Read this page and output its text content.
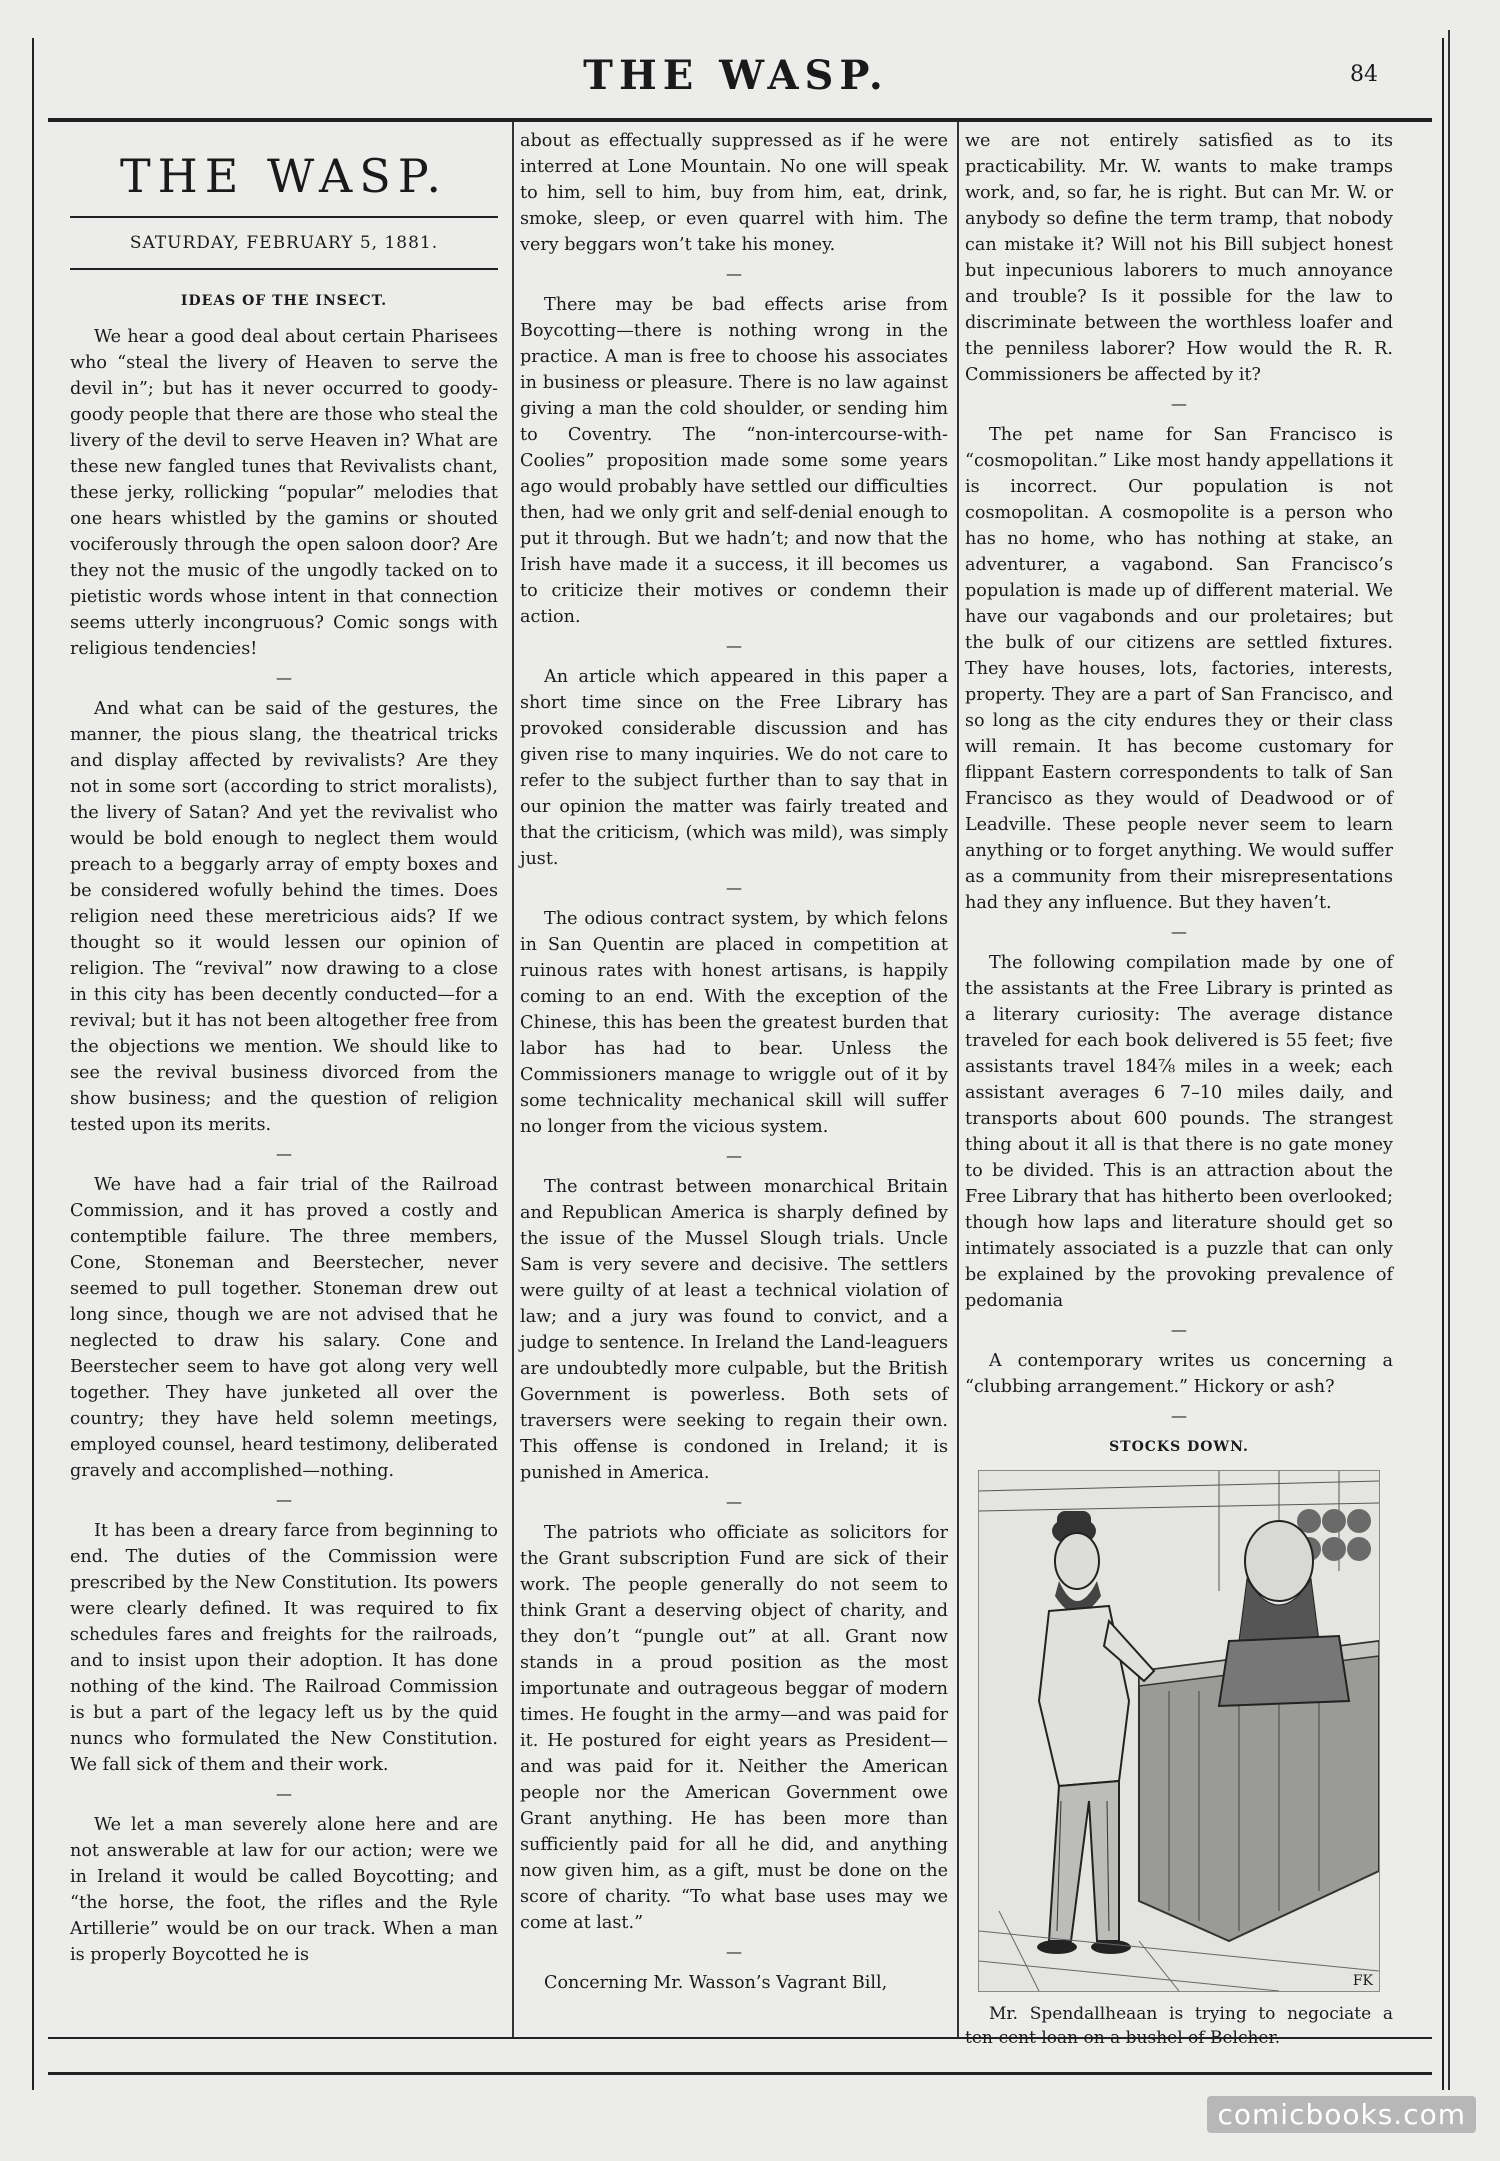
THE WASP.	84
THE WASP.
SATURDAY, FEBRUARY 5, 1881.
IDEAS OF THE INSECT.

We hear a good deal about certain Pharisees who “steal the livery of Heaven to serve the devil in”; but has it never occurred to goody-goody people that there are those who steal the livery of the devil to serve Heaven in? What are these new fangled tunes that Revivalists chant, these jerky, rollicking “popular” melodies that one hears whistled by the gamins or shouted vociferously through the open saloon door? Are they not the music of the ungodly tacked on to pietistic words whose intent in that connection seems utterly incongruous? Comic songs with religious tendencies!

—

And what can be said of the gestures, the manner, the pious slang, the theatrical tricks and display affected by revivalists? Are they not in some sort (according to strict moralists), the livery of Satan? And yet the revivalist who would be bold enough to neglect them would preach to a beggarly array of empty boxes and be considered wofully behind the times. Does religion need these meretricious aids? If we thought so it would lessen our opinion of religion. The “revival” now drawing to a close in this city has been decently conducted—for a revival; but it has not been altogether free from the objections we mention. We should like to see the revival business divorced from the show business; and the question of religion tested upon its merits.

—

We have had a fair trial of the Railroad Commission, and it has proved a costly and contemptible failure. The three members, Cone, Stoneman and Beerstecher, never seemed to pull together. Stoneman drew out long since, though we are not advised that he neglected to draw his salary. Cone and Beerstecher seem to have got along very well together. They have junketed all over the country; they have held solemn meetings, employed counsel, heard testimony, deliberated gravely and accomplished—nothing.

—

It has been a dreary farce from beginning to end. The duties of the Commission were prescribed by the New Constitution. Its powers were clearly defined. It was required to fix schedules fares and freights for the railroads, and to insist upon their adoption. It has done nothing of the kind. The Railroad Commission is but a part of the legacy left us by the quid nuncs who formulated the New Constitution. We fall sick of them and their work.

—

We let a man severely alone here and are not answerable at law for our action; were we in Ireland it would be called Boycotting; and “the horse, the foot, the rifles and the Ryle Artillerie” would be on our track. When a man is properly Boycotted he is

about as effectually suppressed as if he were interred at Lone Mountain. No one will speak to him, sell to him, buy from him, eat, drink, smoke, sleep, or even quarrel with him. The very beggars won’t take his money.

—

There may be bad effects arise from Boycotting—there is nothing wrong in the practice. A man is free to choose his associates in business or pleasure. There is no law against giving a man the cold shoulder, or sending him to Coventry. The “non-intercourse-with-Coolies” proposition made some some years ago would probably have settled our difficulties then, had we only grit and self-denial enough to put it through. But we hadn’t; and now that the Irish have made it a success, it ill becomes us to criticize their motives or condemn their action.

—

An article which appeared in this paper a short time since on the Free Library has provoked considerable discussion and has given rise to many inquiries. We do not care to refer to the subject further than to say that in our opinion the matter was fairly treated and that the criticism, (which was mild), was simply just.

—

The odious contract system, by which felons in San Quentin are placed in competition at ruinous rates with honest artisans, is happily coming to an end. With the exception of the Chinese, this has been the greatest burden that labor has had to bear. Unless the Commissioners manage to wriggle out of it by some technicality mechanical skill will suffer no longer from the vicious system.

—

The contrast between monarchical Britain and Republican America is sharply defined by the issue of the Mussel Slough trials. Uncle Sam is very severe and decisive. The settlers were guilty of at least a technical violation of law; and a jury was found to convict, and a judge to sentence. In Ireland the Land-leaguers are undoubtedly more culpable, but the British Government is powerless. Both sets of traversers were seeking to regain their own. This offense is condoned in Ireland; it is punished in America.

—

The patriots who officiate as solicitors for the Grant subscription Fund are sick of their work. The people generally do not seem to think Grant a deserving object of charity, and they don’t “pungle out” at all. Grant now stands in a proud position as the most importunate and outrageous beggar of modern times. He fought in the army—and was paid for it. He postured for eight years as President—and was paid for it. Neither the American people nor the American Government owe Grant anything. He has been more than sufficiently paid for all he did, and anything now given him, as a gift, must be done on the score of charity. “To what base uses may we come at last.”

—

Concerning Mr. Wasson’s Vagrant Bill,

we are not entirely satisfied as to its practicability. Mr. W. wants to make tramps work, and, so far, he is right. But can Mr. W. or anybody so define the term tramp, that nobody can mistake it? Will not his Bill subject honest but inpecunious laborers to much annoyance and trouble? Is it possible for the law to discriminate between the worthless loafer and the penniless laborer? How would the R. R. Commissioners be affected by it?

—

The pet name for San Francisco is “cosmopolitan.” Like most handy appellations it is incorrect. Our population is not cosmopolitan. A cosmopolite is a person who has no home, who has nothing at stake, an adventurer, a vagabond. San Francisco’s population is made up of different material. We have our vagabonds and our proletaires; but the bulk of our citizens are settled fixtures. They have houses, lots, factories, interests, property. They are a part of San Francisco, and so long as the city endures they or their class will remain. It has become customary for flippant Eastern correspondents to talk of San Francisco as they would of Deadwood or of Leadville. These people never seem to learn anything or to forget anything. We would suffer as a community from their misrepresentations had they any influence. But they haven’t.

—

The following compilation made by one of the assistants at the Free Library is printed as a literary curiosity: The average distance traveled for each book delivered is 55 feet; five assistants travel 184⅞ miles in a week; each assistant averages 6 7–10 miles daily, and transports about 600 pounds. The strangest thing about it all is that there is no gate money to be divided. This is an attraction about the Free Library that has hitherto been overlooked; though how laps and literature should get so intimately associated is a puzzle that can only be explained by the provoking prevalence of pedomania

—

A contemporary writes us concerning a “clubbing arrangement.” Hickory or ash?

—
STOCKS DOWN.
FK
Mr. Spendallheaan is trying to negociate a ten-cent loan on a bushel of Belcher.
comicbooks.com
